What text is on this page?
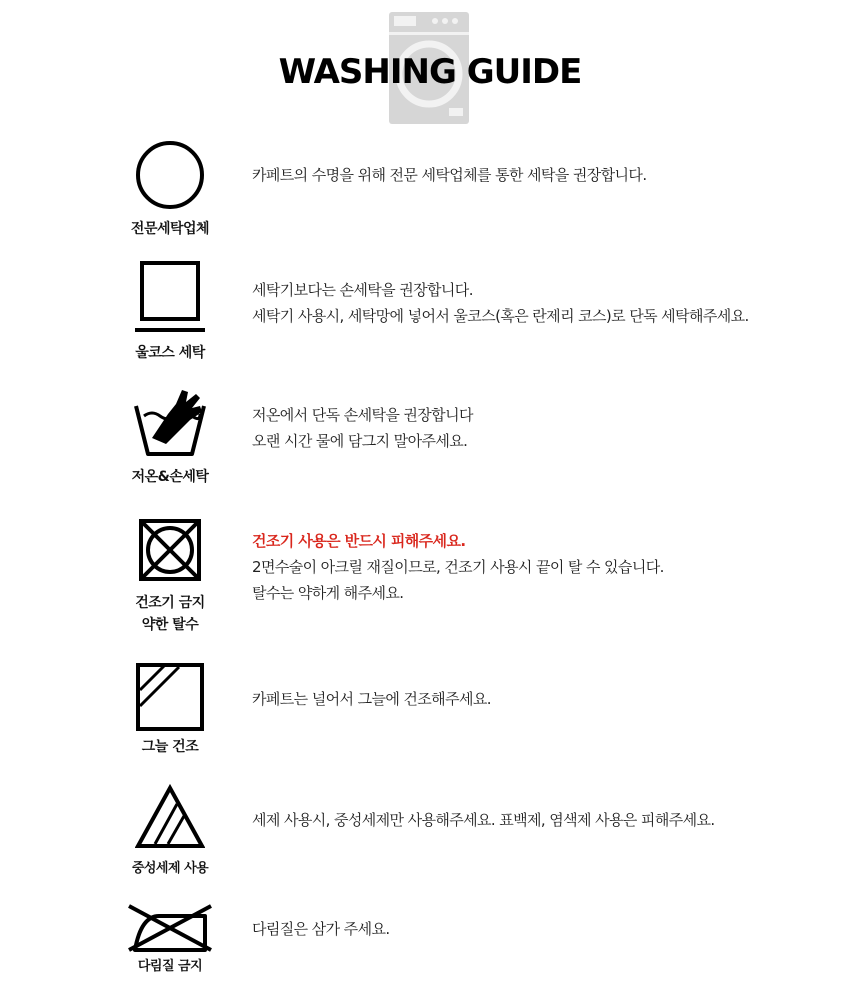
WASHING GUIDE
전문세탁업체
카페트의 수명을 위해 전문 세탁업체를 통한 세탁을 권장합니다.
울코스 세탁
세탁기보다는 손세탁을 권장합니다.
세탁기 사용시, 세탁망에 넣어서 울코스(혹은 란제리 코스)로 단독 세탁해주세요.
저온&손세탁
저온에서 단독 손세탁을 권장합니다
오랜 시간 물에 담그지 말아주세요.
건조기 금지
약한 탈수
건조기 사용은 반드시 피해주세요.
2면수술이 아크릴 재질이므로, 건조기 사용시 끝이 탈 수 있습니다.
탈수는 약하게 해주세요.
그늘 건조
카페트는 널어서 그늘에 건조해주세요.
중성세제 사용
세제 사용시, 중성세제만 사용해주세요. 표백제, 염색제 사용은 피해주세요.
다림질 금지
다림질은 삼가 주세요.
